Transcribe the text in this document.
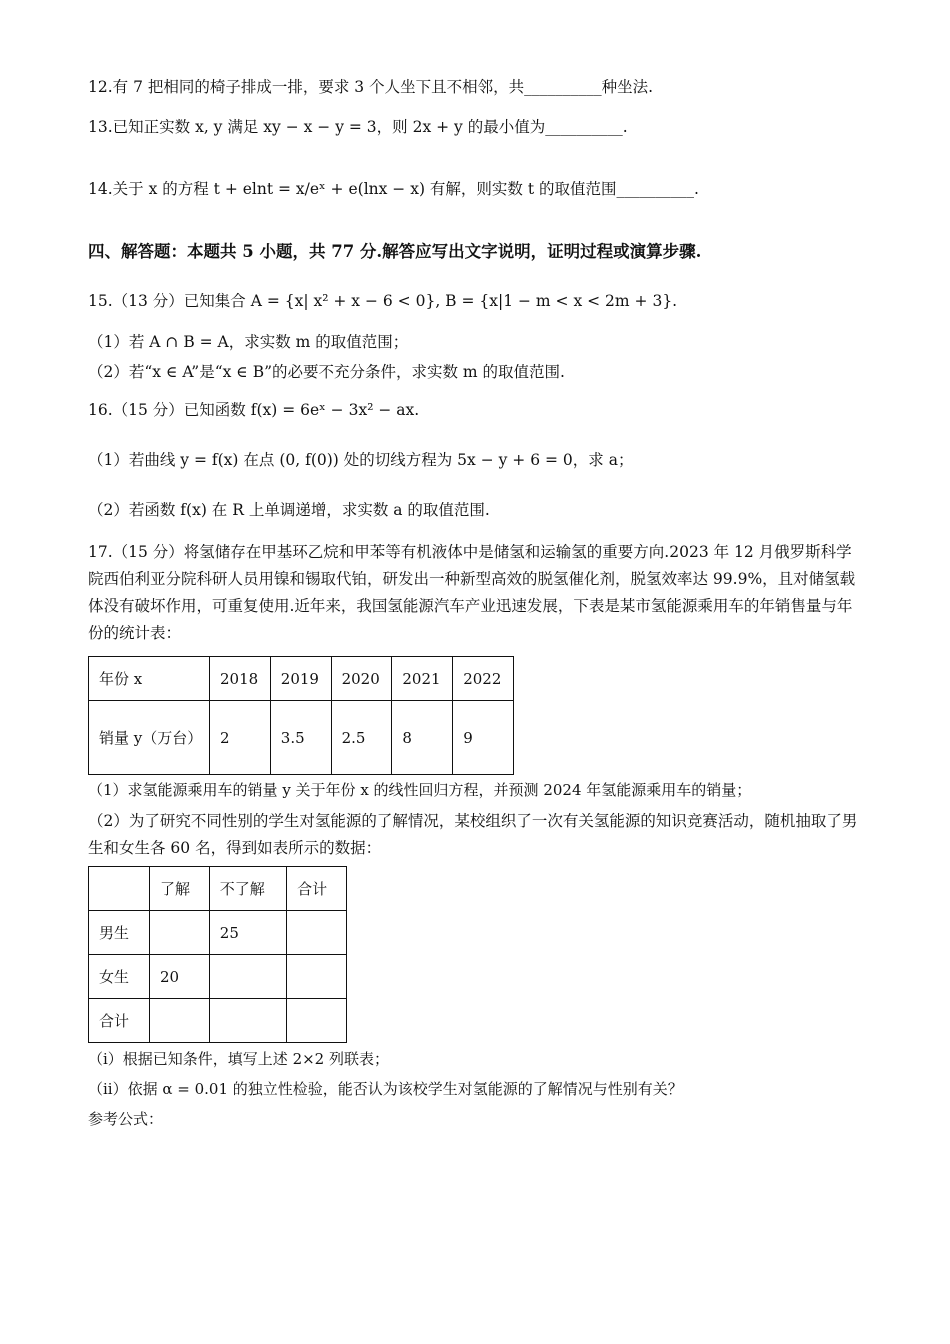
12.有 7 把相同的椅子排成一排，要求 3 个人坐下且不相邻，共__________种坐法.
13.已知正实数 x, y 满足 xy − x − y = 3，则 2x + y 的最小值为__________.
14.关于 x 的方程 t + elnt = x/eˣ + e(lnx − x) 有解，则实数 t 的取值范围__________.
四、解答题：本题共 5 小题，共 77 分.解答应写出文字说明，证明过程或演算步骤.
15.（13 分）已知集合 A = {x| x² + x − 6 < 0}, B = {x|1 − m < x < 2m + 3}.
（1）若 A ∩ B = A，求实数 m 的取值范围；
（2）若“x ∈ A”是“x ∈ B”的必要不充分条件，求实数 m 的取值范围.
16.（15 分）已知函数 f(x) = 6eˣ − 3x² − ax.
（1）若曲线 y = f(x) 在点 (0, f(0)) 处的切线方程为 5x − y + 6 = 0，求 a；
（2）若函数 f(x) 在 R 上单调递增，求实数 a 的取值范围.
17.（15 分）将氢储存在甲基环乙烷和甲苯等有机液体中是储氢和运输氢的重要方向.2023 年 12 月俄罗斯科学院西伯利亚分院科研人员用镍和锡取代铂，研发出一种新型高效的脱氢催化剂，脱氢效率达 99.9%，且对储氢载体没有破坏作用，可重复使用.近年来，我国氢能源汽车产业迅速发展，下表是某市氢能源乘用车的年销售量与年份的统计表：
年份 x	2018	2019	2020	2021	2022
销量 y（万台）	2	3.5	2.5	8	9
（1）求氢能源乘用车的销量 y 关于年份 x 的线性回归方程，并预测 2024 年氢能源乘用车的销量；
（2）为了研究不同性别的学生对氢能源的了解情况，某校组织了一次有关氢能源的知识竞赛活动，随机抽取了男生和女生各 60 名，得到如表所示的数据：
	了解	不了解	合计
男生		25	
女生	20		
合计			
（i）根据已知条件，填写上述 2×2 列联表；
（ii）依据 α = 0.01 的独立性检验，能否认为该校学生对氢能源的了解情况与性别有关？
参考公式：
